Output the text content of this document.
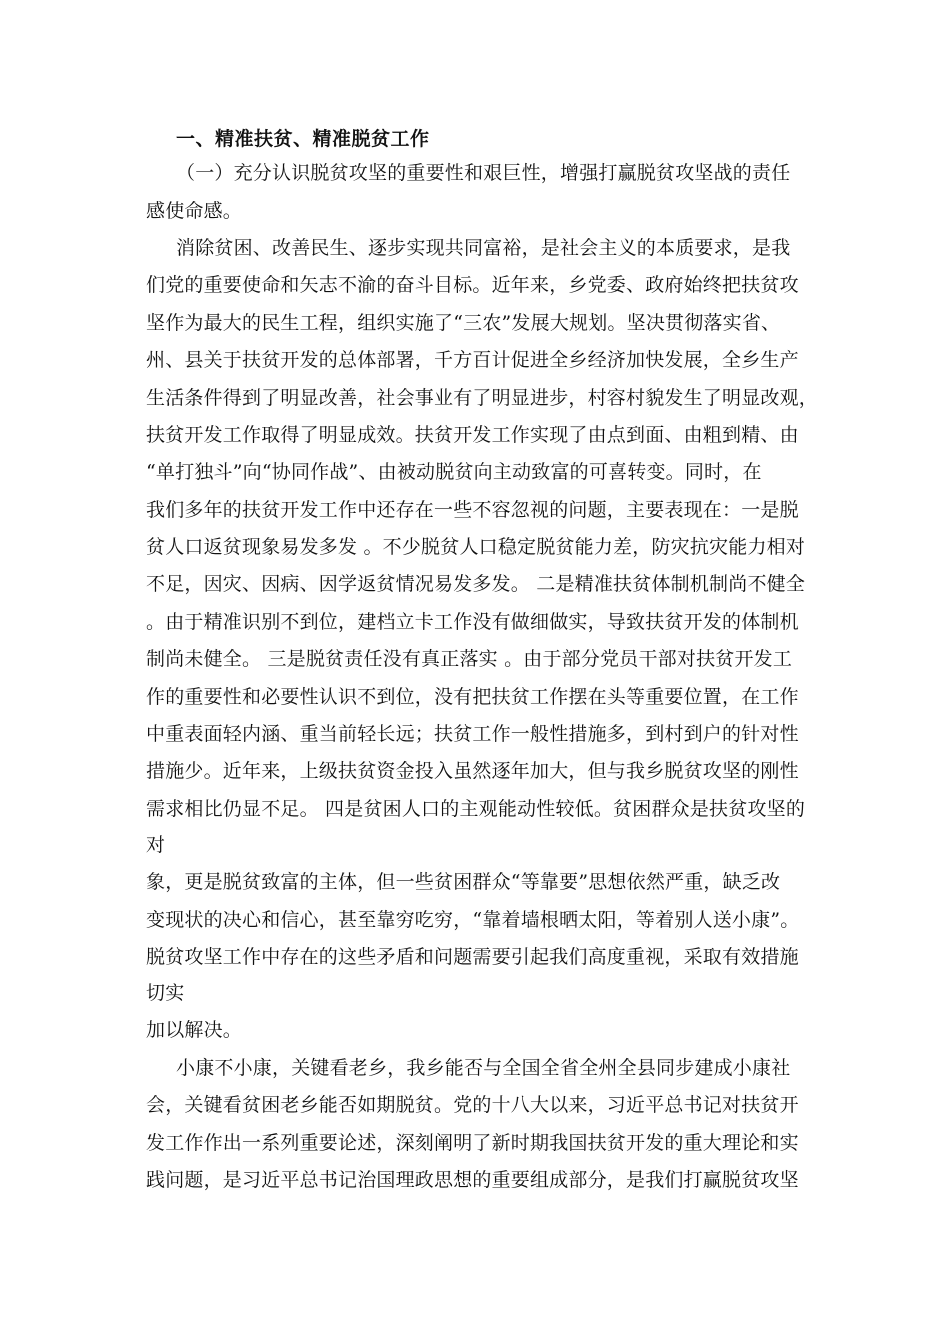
一、精准扶贫、精准脱贫工作

（一）充分认识脱贫攻坚的重要性和艰巨性，增强打赢脱贫攻坚战的责任

感使命感。

消除贫困、改善民生、逐步实现共同富裕，是社会主义的本质要求，是我

们党的重要使命和矢志不渝的奋斗目标。近年来，乡党委、政府始终把扶贫攻

坚作为最大的民生工程，组织实施了“三农”发展大规划。坚决贯彻落实省、

州、县关于扶贫开发的总体部署，千方百计促进全乡经济加快发展，全乡生产

生活条件得到了明显改善，社会事业有了明显进步，村容村貌发生了明显改观，

扶贫开发工作取得了明显成效。扶贫开发工作实现了由点到面、由粗到精、由

“单打独斗”向“协同作战”、由被动脱贫向主动致富的可喜转变。同时，在

我们多年的扶贫开发工作中还存在一些不容忽视的问题，主要表现在：一是脱

贫人口返贫现象易发多发 。不少脱贫人口稳定脱贫能力差，防灾抗灾能力相对

不足，因灾、因病、因学返贫情况易发多发。 二是精准扶贫体制机制尚不健全

。由于精准识别不到位，建档立卡工作没有做细做实，导致扶贫开发的体制机

制尚未健全。 三是脱贫责任没有真正落实 。由于部分党员干部对扶贫开发工

作的重要性和必要性认识不到位，没有把扶贫工作摆在头等重要位置，在工作

中重表面轻内涵、重当前轻长远；扶贫工作一般性措施多，到村到户的针对性

措施少。近年来，上级扶贫资金投入虽然逐年加大，但与我乡脱贫攻坚的刚性

需求相比仍显不足。 四是贫困人口的主观能动性较低。贫困群众是扶贫攻坚的

对

象，更是脱贫致富的主体，但一些贫困群众“等靠要”思想依然严重，缺乏改

变现状的决心和信心，甚至靠穷吃穷，“靠着墙根晒太阳，等着别人送小康”。

脱贫攻坚工作中存在的这些矛盾和问题需要引起我们高度重视，采取有效措施

切实

加以解决。

小康不小康，关键看老乡，我乡能否与全国全省全州全县同步建成小康社

会，关键看贫困老乡能否如期脱贫。党的十八大以来，习近平总书记对扶贫开

发工作作出一系列重要论述，深刻阐明了新时期我国扶贫开发的重大理论和实

践问题，是习近平总书记治国理政思想的重要组成部分，是我们打赢脱贫攻坚
